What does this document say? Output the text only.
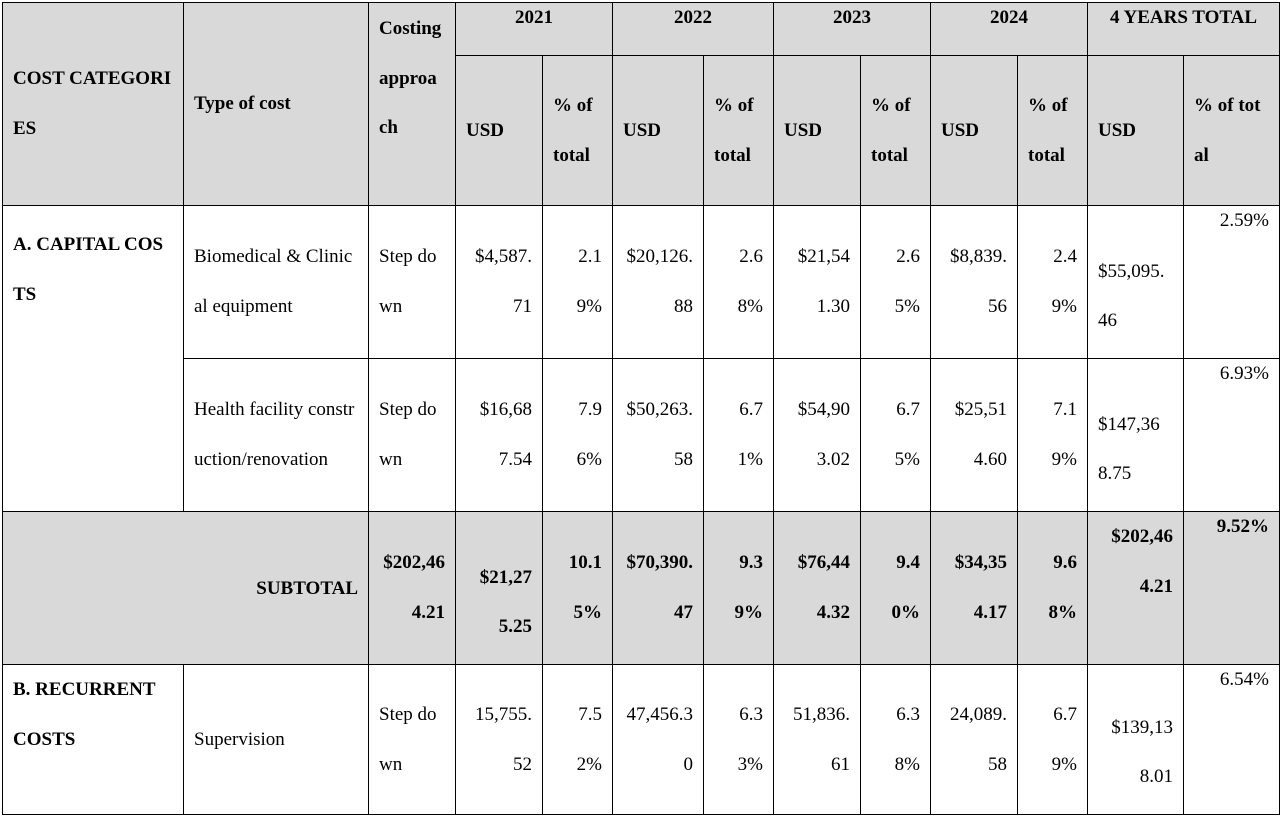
COST CATEGORIES	Type of cost	Costing approach	2021		2022		2023		2024		4 YEARS TOTAL	
			USD	% of total	USD	% of total	USD	% of total	USD	% of total	USD	% of total
A. CAPITAL COSTS	Biomedical & Clinical equipment	Step down	$4,587.71	2.19%	$20,126.88	2.68%	$21,541.30	2.65%	$8,839.56	2.49%	$55,095.46	2.59%
	Health facility construction/renovation	Step down	$16,687.54	7.96%	$50,263.58	6.71%	$54,903.02	6.75%	$25,514.60	7.19%	$147,368.75	6.93%
SUBTOTAL		$202,464.21	$21,275.25	10.15%	$70,390.47	9.39%	$76,444.32	9.40%	$34,354.17	9.68%	$202,464.21	9.52%
B. RECURRENT COSTS	Supervision	Step down	15,755.52	7.52%	47,456.30	6.33%	51,836.61	6.38%	24,089.58	6.79%	$139,138.01	6.54%
